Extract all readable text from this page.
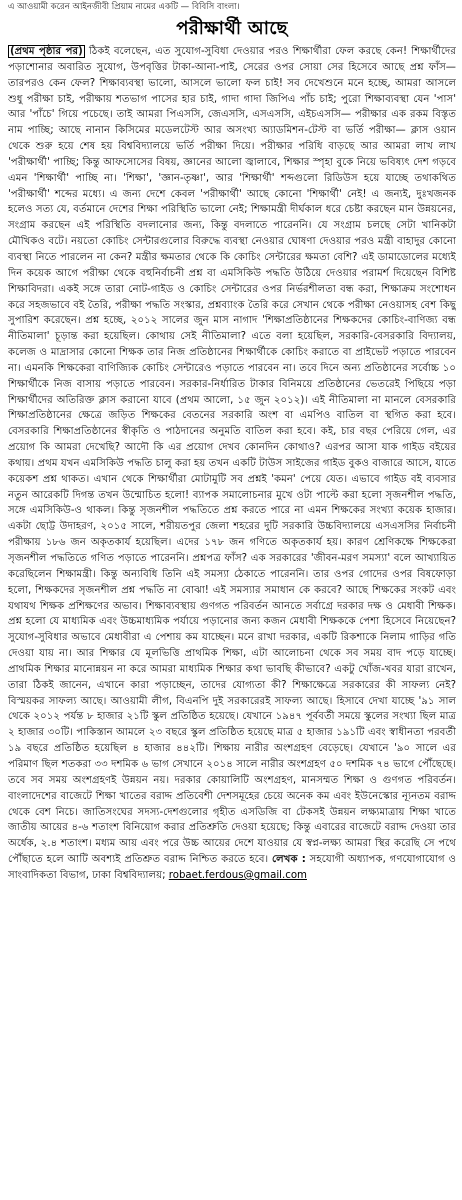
এ আওয়ামী করেন আইনজীবী প্রিয়াম নামের একটি — বিবিসি বাংলা।
পরীক্ষার্থী আছে

(প্রথম পৃষ্ঠার পর) ঠিকই বলেছেন, এত সুযোগ-সুবিধা দেওয়ার পরও শিক্ষার্থীরা ফেল করছে কেন! শিক্ষার্থীদের পড়াশোনার অবারিত সুযোগ, উপবৃত্তির টাকা-আনা-পাই, সেরের ওপর সোয়া সের হিসেবে আছে প্রশ্ন ফাঁস— তারপরও কেন ফেল? শিক্ষাব্যবস্থা ভালো, আসলে ভালো ফল চাই! সব দেখেশুনে মনে হচ্ছে, আমরা আসলে শুধু পরীক্ষা চাই, পরীক্ষায় শতভাগ পাসের হার চাই, গাদা গাদা জিপিএ পাঁচ চাই; পুরো শিক্ষাব্যবস্থা যেন 'পাস' আর 'পাঁচে' গিয়ে পচেছে। তাই আমরা পিএসসি, জেএসসি, এসএসসি, এইচএসসি— পরীক্ষার এক রকম বিস্তৃত নাম পাচ্ছি; আছে নানান কিসিমের মডেলটেস্ট আর অসংখ্য অ্যাডমিশন-টেস্ট বা ভর্তি পরীক্ষা— ক্লাস ওয়ান থেকে শুরু হয়ে শেষ হয় বিশ্ববিদ্যালয়ে ভর্তি পরীক্ষা দিয়ে। পরীক্ষার পরিধি বাড়ছে আর আমরা লাখ লাখ 'পরীক্ষার্থী' পাচ্ছি; কিন্তু আফসোসের বিষয়, জ্ঞানের আলো জ্বালাবে, শিক্ষার স্পৃহা বুকে নিয়ে ভবিষ্যৎ দেশ গড়বে এমন 'শিক্ষার্থী' পাচ্ছি না। 'শিক্ষা', 'জ্ঞান-তৃষ্ণা', আর 'শিক্ষার্থী' শব্দগুলো রিডিউস হয়ে যাচ্ছে তথাকথিত 'পরীক্ষার্থী' শব্দের মধ্যে। এ জন্য দেশে কেবল 'পরীক্ষার্থী' আছে কোনো 'শিক্ষার্থী' নেই! এ জন্যই, দুঃখজনক হলেও সত্য যে, বর্তমানে দেশের শিক্ষা পরিস্থিতি ভালো নেই; শিক্ষামন্ত্রী দীর্ঘকাল ধরে চেষ্টা করছেন মান উন্নয়নের, সংগ্রাম করছেন এই পরিস্থিতি বদলানোর জন্য, কিন্তু বদলাতে পারেননি। যে সংগ্রাম চলছে সেটা খানিকটা মৌখিকও বটে। নয়তো কোচিং সেন্টারগুলোর বিরুদ্ধে ব্যবস্থা নেওয়ার ঘোষণা দেওয়ার পরও মন্ত্রী বাহাদুর কোনো ব্যবস্থা নিতে পারলেন না কেন? মন্ত্রীর ক্ষমতার থেকে কি কোচিং সেন্টারের ক্ষমতা বেশি? এই ডামাডোলের মধ্যেই দিন কয়েক আগে পরীক্ষা থেকে বহুনির্বাচনী প্রশ্ন বা এমসিকিউ পদ্ধতি উঠিয়ে দেওয়ার পরামর্শ দিয়েছেন বিশিষ্ট শিক্ষাবিদরা। একই সঙ্গে তারা নোট-গাইড ও কোচিং সেন্টারের ওপর নির্ভরশীলতা বন্ধ করা, শিক্ষাক্রম সংশোধন করে সহজভাবে বই তৈরি, পরীক্ষা পদ্ধতি সংস্কার, প্রশ্নব্যাংক তৈরি করে সেখান থেকে পরীক্ষা নেওয়াসহ বেশ কিছু সুপারিশ করেছেন। প্রশ্ন হচ্ছে, ২০১২ সালের জুন মাস নাগাদ 'শিক্ষাপ্রতিষ্ঠানের শিক্ষকদের কোচিং-বাণিজ্য বন্ধ নীতিমালা' চূড়ান্ত করা হয়েছিল। কোথায় সেই নীতিমালা? এতে বলা হয়েছিল, সরকারি-বেসরকারি বিদ্যালয়, কলেজ ও মাদ্রাসার কোনো শিক্ষক তার নিজ প্রতিষ্ঠানের শিক্ষার্থীকে কোচিং করাতে বা প্রাইভেট পড়াতে পারবেন না। এমনকি শিক্ষকেরা বাণিজ্যিক কোচিং সেন্টারেও পড়াতে পারবেন না। তবে দিনে অন্য প্রতিষ্ঠানের সর্বোচ্চ ১০ শিক্ষার্থীকে নিজ বাসায় পড়াতে পারবেন। সরকার-নির্ধারিত টাকার বিনিময়ে প্রতিষ্ঠানের ভেতরেই পিছিয়ে পড়া শিক্ষার্থীদের অতিরিক্ত ক্লাস করানো যাবে (প্রথম আলো, ১৫ জুন ২০১২)। এই নীতিমালা না মানলে বেসরকারি শিক্ষাপ্রতিষ্ঠানের ক্ষেত্রে জড়িত শিক্ষকের বেতনের সরকারি অংশ বা এমপিও বাতিল বা স্থগিত করা হবে। বেসরকারি শিক্ষাপ্রতিষ্ঠানের স্বীকৃতি ও পাঠদানের অনুমতি বাতিল করা হবে। কই, চার বছর পেরিয়ে গেল, এর প্রয়োগ কি আমরা দেখেছি? আদৌ কি এর প্রয়োগ দেখব কোনদিন কোথাও? এরপর আসা যাক গাইড বইয়ের কথায়। প্রথম যখন এমসিকিউ পদ্ধতি চালু করা হয় তখন একটি টাউস সাইজের গাইড বুকও বাজারে আসে, যাতে কয়েকশ প্রশ্ন থাকত। এখান থেকে শিক্ষার্থীরা মোটামুটি সব প্রশ্নই 'কমন' পেয়ে যেত। এভাবে গাইড বই ব্যবসার নতুন আরেকটি দিগন্ত তখন উন্মোচিত হলো! ব্যাপক সমালোচনার মুখে ওটা পাল্টে করা হলো সৃজনশীল পদ্ধতি, সঙ্গে এমসিকিউ-ও থাকল। কিন্তু সৃজনশীল পদ্ধতিতে প্রশ্ন করতে পারে না এমন শিক্ষকের সংখ্যা কয়েক হাজার। একটা ছোট্ট উদাহরণ, ২০১৫ সালে, শরীয়তপুর জেলা শহরের দুটি সরকারি উচ্চবিদ্যালয়ে এসএসসির নির্বাচনী পরীক্ষায় ১৮৬ জন অকৃতকার্য হয়েছিল। এদের ১৭৮ জন গণিতে অকৃতকার্য হয়। কারণ শ্রেণিকক্ষে শিক্ষকেরা সৃজনশীল পদ্ধতিতে গণিত পড়াতে পারেননি। প্রশ্নপত্র ফাঁস? এক সরকারের 'জীবন-মরণ সমস্যা' বলে আখ্যায়িত করেছিলেন শিক্ষামন্ত্রী। কিন্তু অন্যবিধি তিনি এই সমস্যা ঠেকাতে পারেননি। তার ওপর গোদের ওপর বিষফোড়া হলো, শিক্ষকদের সৃজনশীল প্রশ্ন পদ্ধতি না বোঝা! এই সমস্যার সমাধান কে করবে? আছে শিক্ষকের সংকট এবং যথাযথ শিক্ষক প্রশিক্ষণের অভাব। শিক্ষাব্যবস্থায় গুণগত পরিবর্তন আনতে সর্বাগ্রে দরকার দক্ষ ও মেধাবী শিক্ষক। প্রশ্ন হলো যে মাধ্যমিক এবং উচ্চমাধ্যমিক পর্যায়ে পড়ানোর জন্য কজন মেধাবী শিক্ষককে পেশা হিসেবে নিয়েছেন? সুযোগ-সুবিধার অভাবে মেধাবীরা এ পেশায় কম যাচ্ছেন। মনে রাখা দরকার, একটি রিকশাকে নিলাম গাড়ির গতি দেওয়া যায় না। আর শিক্ষার যে মূলভিত্তি প্রাথমিক শিক্ষা, এটা আলোচনা থেকে সব সময় বাদ পড়ে যাচ্ছে। প্রাথমিক শিক্ষার মানোন্নয়ন না করে আমরা মাধ্যমিক শিক্ষার কথা ভাবছি কীভাবে? একটু খোঁজ-খবর যারা রাখেন, তারা ঠিকই জানেন, এখানে কারা পড়াচ্ছেন, তাদের যোগ্যতা কী? শিক্ষাক্ষেত্রে সরকারের কী সাফল্য নেই? বিস্ময়কর সাফল্য আছে। আওয়ামী লীগ, বিএনপি দুই সরকারেরই সাফল্য আছে। হিসাবে দেখা যাচ্ছে '৯১ সাল থেকে ২০১২ পর্যন্ত ৮ হাজার ২১টি স্কুল প্রতিষ্ঠিত হয়েছে। যেখানে ১৯৪৭ পূর্ববর্তী সময়ে স্কুলের সংখ্যা ছিল মাত্র ২ হাজার ৩০টি। পাকিস্তান আমলে ২৩ বছরে স্কুল প্রতিষ্ঠিত হয়েছে মাত্র ৫ হাজার ১৯১টি এবং স্বাধীনতা পরবর্তী ১৯ বছরে প্রতিষ্ঠিত হয়েছিল ৪ হাজার ৪৪২টি। শিক্ষায় নারীর অংশগ্রহণ বেড়েছে। যেখানে '৯০ সালে এর পরিমাণ ছিল শতকরা ৩৩ দশমিক ৬ ভাগ সেখানে ২০১৪ সালে নারীর অংশগ্রহণ ৫০ দশমিক ৭৪ ভাগে পৌঁছেছে। তবে সব সময় অংশগ্রহণই উন্নয়ন নয়। দরকার কোয়ালিটি অংশগ্রহণ, মানসম্মত শিক্ষা ও গুণগত পরিবর্তন। বাংলাদেশের বাজেটে শিক্ষা খাতের বরাদ্দ প্রতিবেশী দেশসমূহের চেয়ে অনেক কম এবং ইউনেস্কোর ন্যূনতম বরাদ্দ থেকে বেশ নিচে। জাতিসংঘের সদস্য-দেশগুলোর গৃহীত এসডিজি বা টেকসই উন্নয়ন লক্ষ্যমাত্রায় শিক্ষা খাতে জাতীয় আয়ের ৪-৬ শতাংশ বিনিয়োগ করার প্রতিশ্রুতি দেওয়া হয়েছে; কিন্তু এবারের বাজেটে বরাদ্দ দেওয়া তার অর্ধেক, ২.৪ শতাংশ। মধ্যম আয় এবং পরে উচ্চ আয়ের দেশে যাওয়ার যে স্বপ্ন-লক্ষ্য আমরা স্থির করেছি সে পথে পৌঁছাতে হলে আটি অবশ্যই প্রতিশ্রুত বরাদ্দ নিশ্চিত করতে হবে। লেখক : সহযোগী অধ্যাপক, গণযোগাযোগ ও সাংবাদিকতা বিভাগ, ঢাকা বিশ্ববিদ্যালয়; robaet.ferdous@gmail.com
